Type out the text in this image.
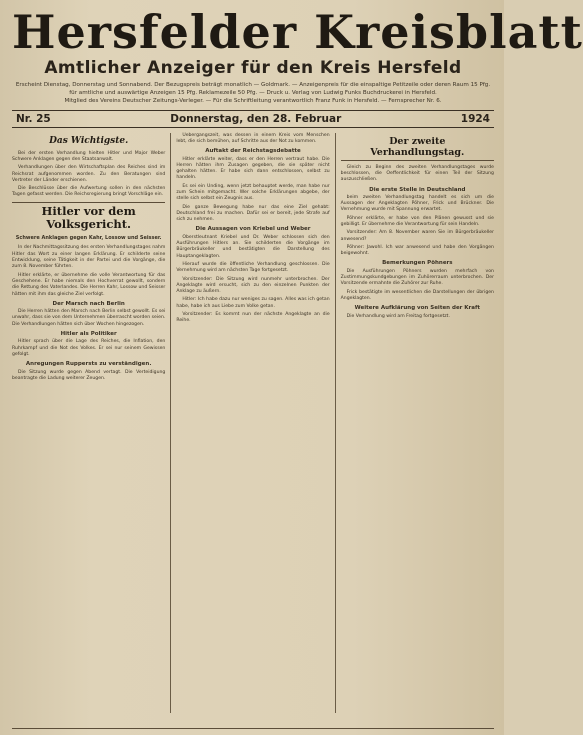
Hersfelder Kreisblatt
Amtlicher Anzeiger für den Kreis Hersfeld
Erscheint Dienstag, Donnerstag und Sonnabend. Der Bezugspreis beträgt monatlich — Goldmark. — Anzeigenpreis für die einspaltige Petitzeile oder deren Raum 15 Pfg.
für amtliche und auswärtige Anzeigen 15 Pfg. Reklamezeile 50 Pfg. — Druck u. Verlag von Ludwig Funks Buchdruckerei in Hersfeld.
Mitglied des Vereins Deutscher Zeitungs-Verleger. — Für die Schriftleitung verantwortlich Franz Funk in Hersfeld. — Fernsprecher Nr. 6.
Nr. 25	Donnerstag, den 28. Februar	1924
Das Wichtigste.

Bei der ersten Verhandlung hielten Hitler und Major Weber Schwere Anklagen gegen den Staatsanwalt.

Verhandlungen über den Wirtschaftsplan des Reiches sind im Reichsrat aufgenommen worden. Zu den Beratungen sind Vertreter der Länder erschienen.

Die Beschlüsse über die Aufwertung sollen in den nächsten Tagen gefasst werden. Die Reichsregierung bringt Vorschläge ein.

Hitler vor dem Volksgericht.
Schwere Anklagen gegen Kahr, Lossow und Seisser.

In der Nachmittagssitzung des ersten Verhandlungstages nahm Hitler das Wort zu einer langen Erklärung. Er schilderte seine Entwicklung, seine Tätigkeit in der Partei und die Vorgänge, die zum 8. November führten.

Hitler erklärte, er übernehme die volle Verantwortung für das Geschehene. Er habe niemals den Hochverrat gewollt, sondern die Rettung des Vaterlandes. Die Herren Kahr, Lossow und Seisser hätten mit ihm das gleiche Ziel verfolgt.

Der Marsch nach Berlin

Die Herren hätten den Marsch nach Berlin selbst gewollt. Es sei unwahr, dass sie von dem Unternehmen überrascht worden seien. Die Verhandlungen hätten sich über Wochen hingezogen.

Hitler als Politiker

Hitler sprach über die Lage des Reiches, die Inflation, den Ruhrkampf und die Not des Volkes. Er sei nur seinem Gewissen gefolgt.

Anregungen Ruppersts zu verständigen.

Die Sitzung wurde gegen Abend vertagt. Die Verteidigung beantragte die Ladung weiterer Zeugen.

Uebergangszeit, was dessen in einem Kreis vom Menschen lebt, die sich bemühen, auf Schritte aus der Not zu kommen.

Auftakt der Reichstagsdebatte

Hitler erklärte weiter, dass er den Herren vertraut habe. Die Herren hätten ihm Zusagen gegeben, die sie später nicht gehalten hätten. Er habe sich dann entschlossen, selbst zu handeln.

Es sei ein Unding, wenn jetzt behauptet werde, man habe nur zum Schein mitgemacht. Wer solche Erklärungen abgebe, der stelle sich selbst ein Zeugnis aus.

Die ganze Bewegung habe nur das eine Ziel gehabt: Deutschland frei zu machen. Dafür sei er bereit, jede Strafe auf sich zu nehmen.

Die Aussagen von Kriebel und Weber

Oberstleutnant Kriebel und Dr. Weber schlossen sich den Ausführungen Hitlers an. Sie schilderten die Vorgänge im Bürgerbräukeller und bestätigten die Darstellung des Hauptangeklagten.

Hierauf wurde die öffentliche Verhandlung geschlossen. Die Vernehmung wird am nächsten Tage fortgesetzt.

Vorsitzender: Die Sitzung wird nunmehr unterbrochen. Der Angeklagte wird ersucht, sich zu den einzelnen Punkten der Anklage zu äußern.

Hitler: Ich habe dazu nur weniges zu sagen. Alles was ich getan habe, habe ich aus Liebe zum Volke getan.

Vorsitzender: Es kommt nun der nächste Angeklagte an die Reihe.

Der zweite Verhandlungstag.

Gleich zu Beginn des zweiten Verhandlungstages wurde beschlossen, die Oeffentlichkeit für einen Teil der Sitzung auszuschließen.

Die erste Stelle in Deutschland

beim zweiten Verhandlungstag handelt es sich um die Aussagen der Angeklagten Pöhner, Frick und Brückner. Die Vernehmung wurde mit Spannung erwartet.

Pöhner erklärte, er habe von den Plänen gewusst und sie gebilligt. Er übernehme die Verantwortung für sein Handeln.

Vorsitzender: Am 8. November waren Sie im Bürgerbräukeller anwesend?

Pöhner: Jawohl. Ich war anwesend und habe den Vorgängen beigewohnt.

Bemerkungen Pöhners

Die Ausführungen Pöhners wurden mehrfach von Zustimmungskundgebungen im Zuhörerraum unterbrochen. Der Vorsitzende ermahnte die Zuhörer zur Ruhe.

Frick bestätigte im wesentlichen die Darstellungen der übrigen Angeklagten.

Weitere Aufklärung von Seiten der Kraft

Die Verhandlung wird am Freitag fortgesetzt.
